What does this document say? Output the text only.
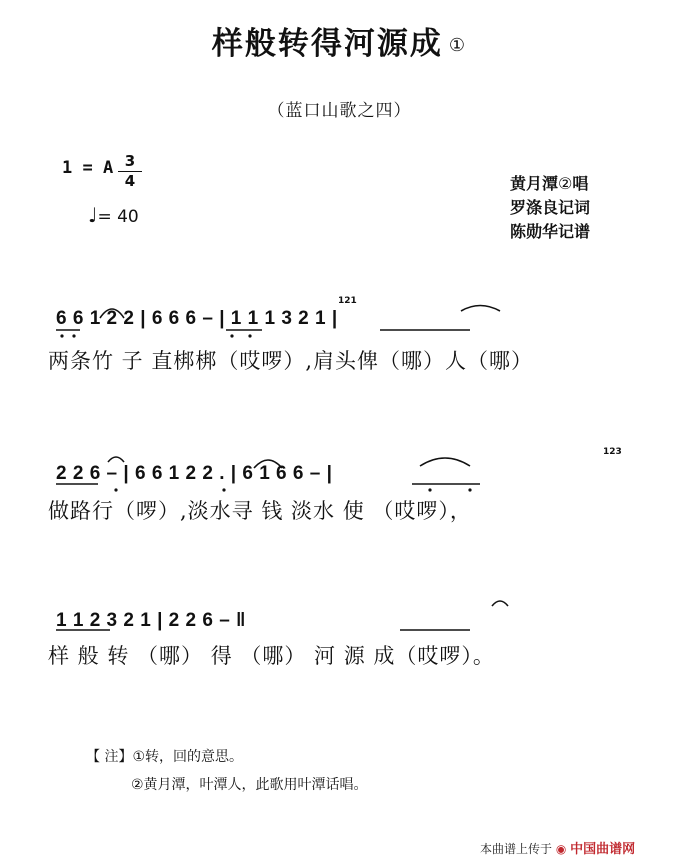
样般转得河源成 ①
（蓝口山歌之四）
1 = A 3
4
♩= 40
黄月潭②唱
罗涤良记词
陈勋华记谱
6 6 1 2 2 | 6 6 6 – | 1 1 1 3 2 1 |
两条竹 子 直梆梆（哎啰）,肩头俾（哪）人（哪）
2 2 6 – | 6 6 1 2 2 . | 6 1 6 6 – |
做路行（啰）,淡水寻 钱 淡水 使 （哎啰），
1 1 2 3 2 1 | 2 2 6 – ‖
样 般 转 （哪） 得 （哪） 河 源 成（哎啰）。
121
123
【 注】①转，回的意思。
②黄月潭，叶潭人，此歌用叶潭话唱。
本曲谱上传于 ◉ 中国曲谱网
